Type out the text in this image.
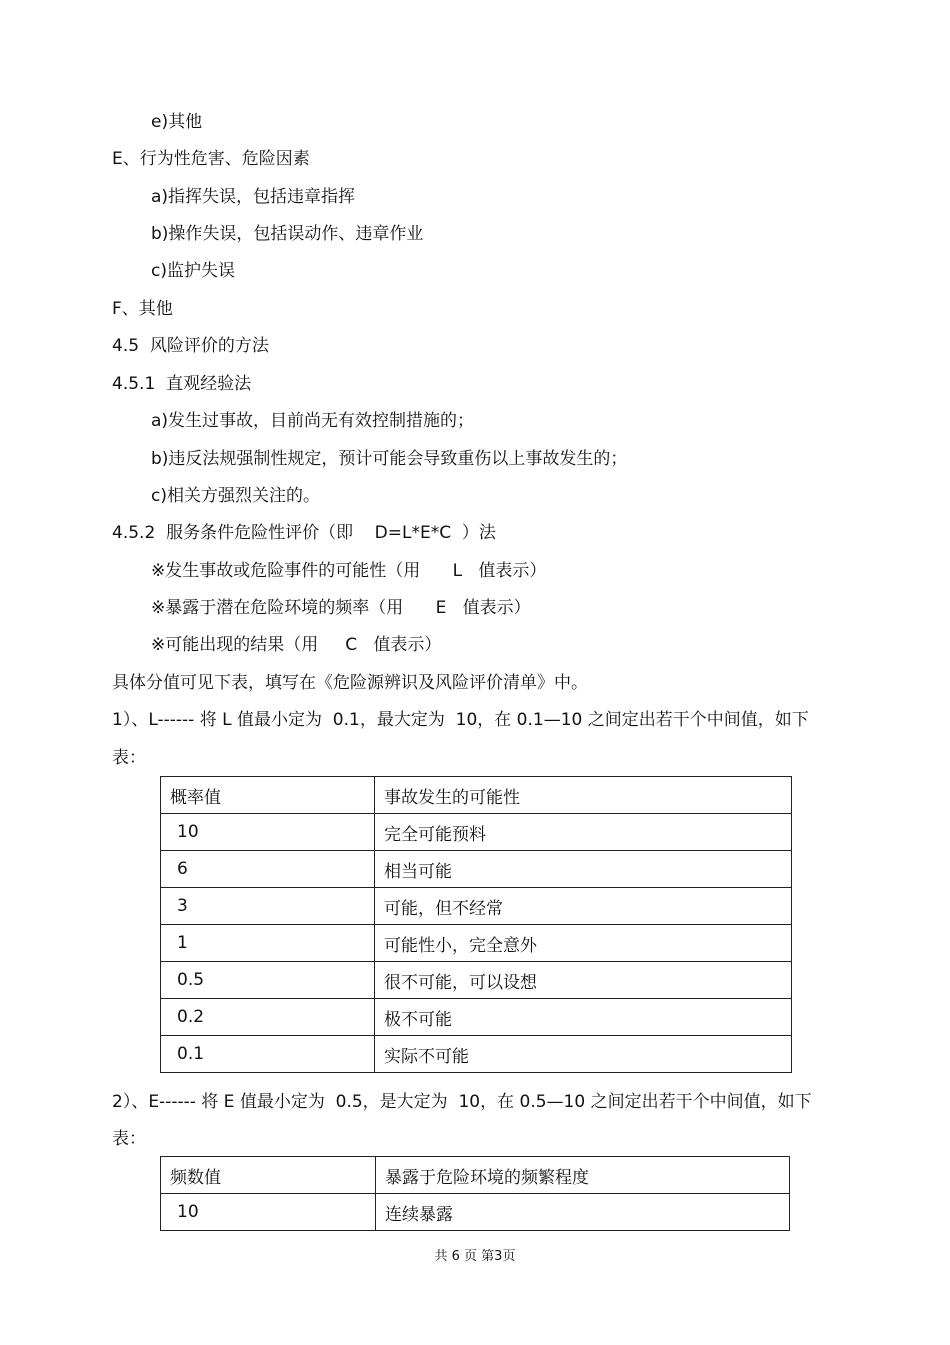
e)其他
E、行为性危害、危险因素
a)指挥失误，包括违章指挥
b)操作失误，包括误动作、违章作业
c)监护失误
F、其他
4.5  风险评价的方法
4.5.1  直观经验法
a)发生过事故，目前尚无有效控制措施的；
b)违反法规强制性规定，预计可能会导致重伤以上事故发生的；
c)相关方强烈关注的。
4.5.2  服务条件危险性评价（即    D=L*E*C  ）法
※发生事故或危险事件的可能性（用      L   值表示）
※暴露于潜在危险环境的频率（用      E   值表示）
※可能出现的结果（用     C   值表示）
具体分值可见下表，填写在《危险源辨识及风险评价清单》中。
1）、L------ 将 L 值最小定为  0.1，最大定为  10，在 0.1—10 之间定出若干个中间值，如下
表：
概率值	事故发生的可能性
10	完全可能预料
6	相当可能
3	可能，但不经常
1	可能性小，完全意外
0.5	很不可能，可以设想
0.2	极不可能
0.1	实际不可能
2）、E------ 将 E 值最小定为  0.5，是大定为  10，在 0.5—10 之间定出若干个中间值，如下
表：
频数值	暴露于危险环境的频繁程度
10	连续暴露
共 6 页 第3页
